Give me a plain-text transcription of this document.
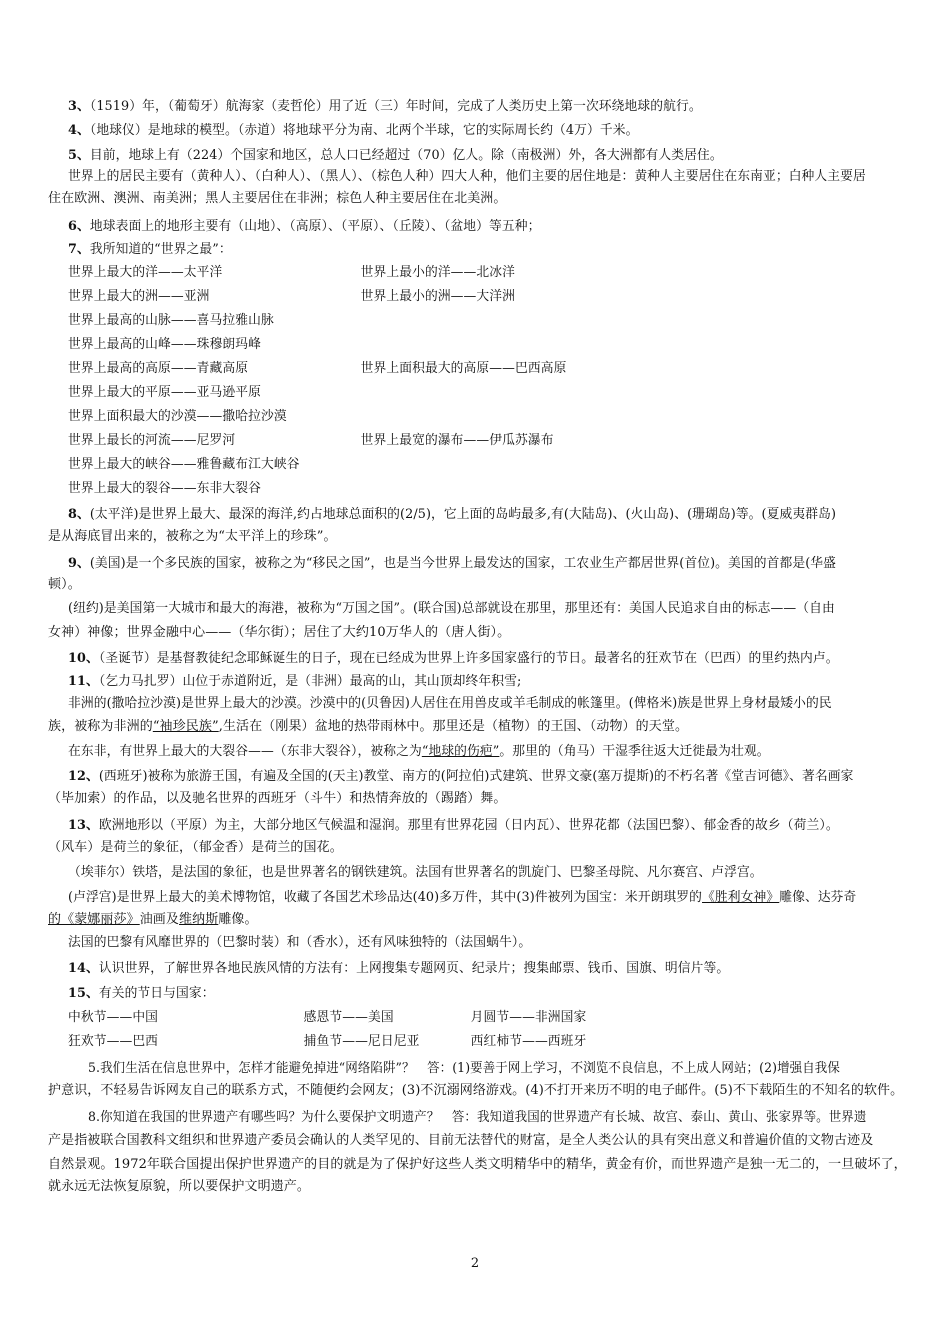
3、（1519）年，（葡萄牙）航海家（麦哲伦）用了近（三）年时间，完成了人类历史上第一次环绕地球的航行。
4、（地球仪）是地球的模型。（赤道）将地球平分为南、北两个半球，它的实际周长约（4万）千米。
5、目前，地球上有（224）个国家和地区，总人口已经超过（70）亿人。除（南极洲）外，各大洲都有人类居住。
世界上的居民主要有（黄种人）、（白种人）、（黑人）、（棕色人种）四大人种，他们主要的居住地是：黄种人主要居住在东南亚；白种人主要居
住在欧洲、澳洲、南美洲；黑人主要居住在非洲；棕色人种主要居住在北美洲。
6、地球表面上的地形主要有（山地）、（高原）、（平原）、（丘陵）、（盆地）等五种；
7、我所知道的“世界之最”：
世界上最大的洋——太平洋	世界上最小的洋——北冰洋
世界上最大的洲——亚洲	世界上最小的洲——大洋洲
世界上最高的山脉——喜马拉雅山脉
世界上最高的山峰——珠穆朗玛峰
世界上最高的高原——青藏高原	世界上面积最大的高原——巴西高原
世界上最大的平原——亚马逊平原
世界上面积最大的沙漠——撒哈拉沙漠
世界上最长的河流——尼罗河	世界上最宽的瀑布——伊瓜苏瀑布
世界上最大的峡谷——雅鲁藏布江大峡谷
世界上最大的裂谷——东非大裂谷
8、(太平洋)是世界上最大、最深的海洋,约占地球总面积的(2/5)，它上面的岛屿最多,有(大陆岛)、(火山岛)、(珊瑚岛)等。(夏威夷群岛)
是从海底冒出来的，被称之为“太平洋上的珍珠”。
9、(美国)是一个多民族的国家，被称之为“移民之国”，也是当今世界上最发达的国家，工农业生产都居世界(首位)。美国的首都是(华盛
顿）。
(纽约)是美国第一大城市和最大的海港，被称为“万国之国”。(联合国)总部就设在那里，那里还有：美国人民追求自由的标志——（自由
女神）神像；世界金融中心——（华尔街）；居住了大约10万华人的（唐人街）。
10、（圣诞节）是基督教徒纪念耶稣诞生的日子，现在已经成为世界上许多国家盛行的节日。最著名的狂欢节在（巴西）的里约热内卢。
11、（乞力马扎罗）山位于赤道附近，是（非洲）最高的山，其山顶却终年积雪;
非洲的(撒哈拉沙漠)是世界上最大的沙漠。沙漠中的(贝鲁因)人居住在用兽皮或羊毛制成的帐篷里。(俾格米)族是世界上身材最矮小的民
族，被称为非洲的“袖珍民族”,生活在（刚果）盆地的热带雨林中。那里还是（植物）的王国、（动物）的天堂。
在东非，有世界上最大的大裂谷——（东非大裂谷），被称之为“地球的伤疤”。那里的（角马）干湿季往返大迁徙最为壮观。
12、(西班牙)被称为旅游王国，有遍及全国的(天主)教堂、南方的(阿拉伯)式建筑、世界文豪(塞万提斯)的不朽名著《堂吉诃德》、著名画家
（毕加索）的作品，以及驰名世界的西班牙（斗牛）和热情奔放的（踢踏）舞。
13、欧洲地形以（平原）为主，大部分地区气候温和湿润。那里有世界花园（日内瓦）、世界花都（法国巴黎）、郁金香的故乡（荷兰）。
（风车）是荷兰的象征，（郁金香）是荷兰的国花。
（埃菲尔）铁塔，是法国的象征，也是世界著名的钢铁建筑。法国有世界著名的凯旋门、巴黎圣母院、凡尔赛宫、卢浮宫。
(卢浮宫)是世界上最大的美术博物馆，收藏了各国艺术珍品达(40)多万件，其中(3)件被列为国宝：米开朗琪罗的《胜利女神》雕像、达芬奇
的《蒙娜丽莎》油画及维纳斯雕像。
法国的巴黎有风靡世界的（巴黎时装）和（香水），还有风味独特的（法国蜗牛）。
14、认识世界，了解世界各地民族风情的方法有：上网搜集专题网页、纪录片；搜集邮票、钱币、国旗、明信片等。
15、有关的节日与国家：
中秋节——中国	感恩节——美国	月圆节——非洲国家
狂欢节——巴西	捕鱼节——尼日尼亚	西红柿节——西班牙
5.我们生活在信息世界中，怎样才能避免掉进“网络陷阱”？　答：(1)要善于网上学习，不浏览不良信息，不上成人网站；(2)增强自我保
护意识，不轻易告诉网友自己的联系方式，不随便约会网友；(3)不沉溺网络游戏。(4)不打开来历不明的电子邮件。(5)不下载陌生的不知名的软件。
8.你知道在我国的世界遗产有哪些吗？为什么要保护文明遗产？　答：我知道我国的世界遗产有长城、故宫、泰山、黄山、张家界等。世界遗
产是指被联合国教科文组织和世界遗产委员会确认的人类罕见的、目前无法替代的财富，是全人类公认的具有突出意义和普遍价值的文物古迹及
自然景观。1972年联合国提出保护世界遗产的目的就是为了保护好这些人类文明精华中的精华，黄金有价，而世界遗产是独一无二的，一旦破坏了，
就永远无法恢复原貌，所以要保护文明遗产。
2
